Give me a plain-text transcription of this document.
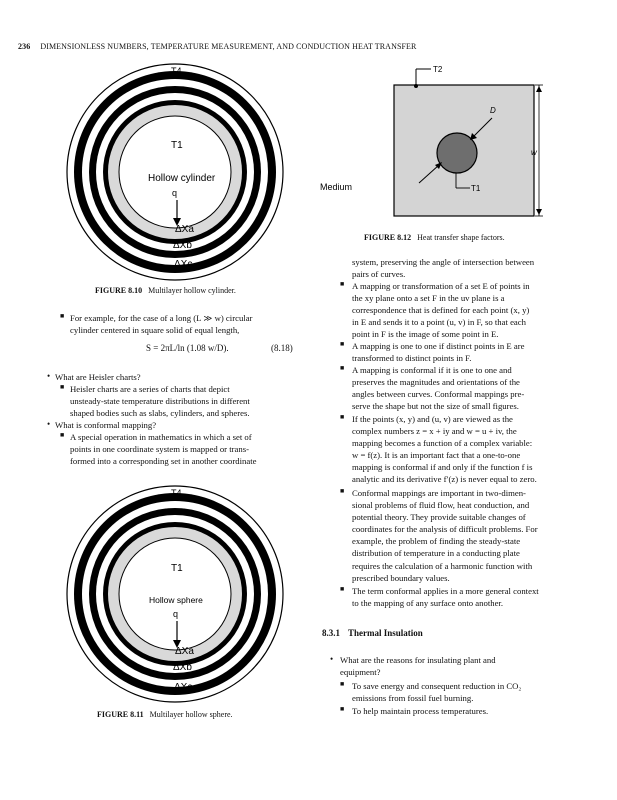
236 DIMENSIONLESS NUMBERS, TEMPERATURE MEASUREMENT, AND CONDUCTION HEAT TRANSFER
T4
T1
Hollow cylinder
q
ΔXa
ΔXb
ΔXc
FIGURE 8.10 Multilayer hollow cylinder.
T2
D
w
Medium	T1
FIGURE 8.12 Heat transfer shape factors.
■ For example, for the case of a long (L ≫ w) circular
cylinder centered in square solid of equal length,
S = 2πL/ln (1.08 w/D).	(8.18)
• What are Heisler charts?
■ Heisler charts are a series of charts that depict
unsteady-state temperature distributions in different
shaped bodies such as slabs, cylinders, and spheres.
• What is conformal mapping?
■ A special operation in mathematics in which a set of
points in one coordinate system is mapped or trans-
formed into a corresponding set in another coordinate
T4
T1
Hollow sphere
q
ΔXa
ΔXb
ΔXc
FIGURE 8.11 Multilayer hollow sphere.
system, preserving the angle of intersection between
pairs of curves.
■ A mapping or transformation of a set E of points in
the xy plane onto a set F in the uv plane is a
correspondence that is defined for each point (x, y)
in E and sends it to a point (u, v) in F, so that each
point in F is the image of some point in E.
■ A mapping is one to one if distinct points in E are
transformed to distinct points in F.
■ A mapping is conformal if it is one to one and
preserves the magnitudes and orientations of the
angles between curves. Conformal mappings pre-
serve the shape but not the size of small figures.
■ If the points (x, y) and (u, v) are viewed as the
complex numbers z = x + iy and w = u + iv, the
mapping becomes a function of a complex variable:
w = f(z). It is an important fact that a one-to-one
mapping is conformal if and only if the function f is
analytic and its derivative f′(z) is never equal to zero.
■ Conformal mappings are important in two-dimen-
sional problems of fluid flow, heat conduction, and
potential theory. They provide suitable changes of
coordinates for the analysis of difficult problems. For
example, the problem of finding the steady-state
distribution of temperature in a conducting plate
requires the calculation of a harmonic function with
prescribed boundary values.
■ The term conformal applies in a more general context
to the mapping of any surface onto another.
8.3.1 Thermal Insulation
• What are the reasons for insulating plant and
equipment?
■ To save energy and consequent reduction in CO₂
emissions from fossil fuel burning.
■ To help maintain process temperatures.
